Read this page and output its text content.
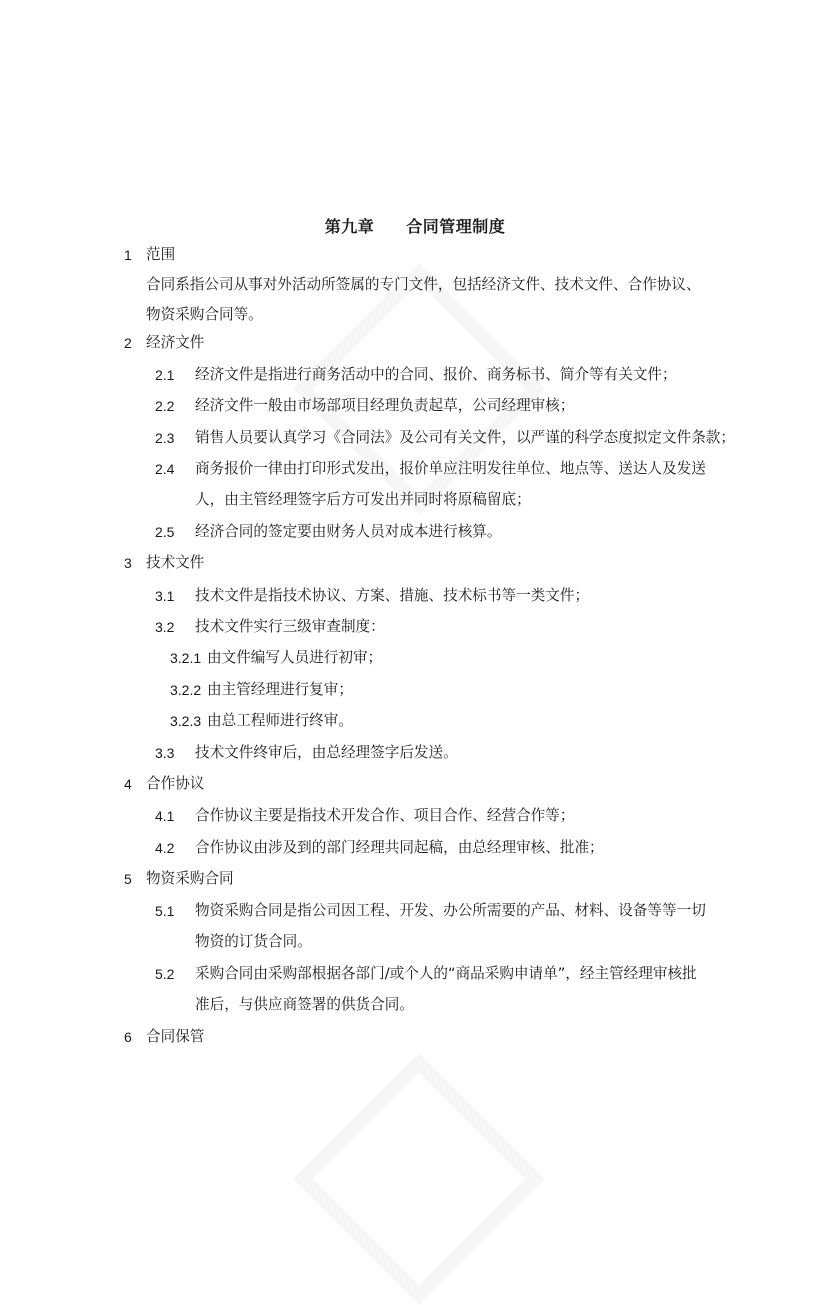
第九章 合同管理制度
1 范围
合同系指公司从事对外活动所签属的专门文件，包括经济文件、技术文件、合作协议、
物资采购合同等。
2 经济文件
2.1 经济文件是指进行商务活动中的合同、报价、商务标书、简介等有关文件；
2.2 经济文件一般由市场部项目经理负责起草，公司经理审核；
2.3 销售人员要认真学习《合同法》及公司有关文件，以严谨的科学态度拟定文件条款；
2.4 商务报价一律由打印形式发出，报价单应注明发往单位、地点等、送达人及发送
人，由主管经理签字后方可发出并同时将原稿留底；
2.5 经济合同的签定要由财务人员对成本进行核算。
3 技术文件
3.1 技术文件是指技术协议、方案、措施、技术标书等一类文件；
3.2 技术文件实行三级审查制度：
3.2.1 由文件编写人员进行初审；
3.2.2 由主管经理进行复审；
3.2.3 由总工程师进行终审。
3.3 技术文件终审后，由总经理签字后发送。
4 合作协议
4.1 合作协议主要是指技术开发合作、项目合作、经营合作等；
4.2 合作协议由涉及到的部门经理共同起稿，由总经理审核、批准；
5 物资采购合同
5.1 物资采购合同是指公司因工程、开发、办公所需要的产品、材料、设备等等一切
物资的订货合同。
5.2 采购合同由采购部根据各部门/或个人的“商品采购申请单”，经主管经理审核批
准后，与供应商签署的供货合同。
6 合同保管
